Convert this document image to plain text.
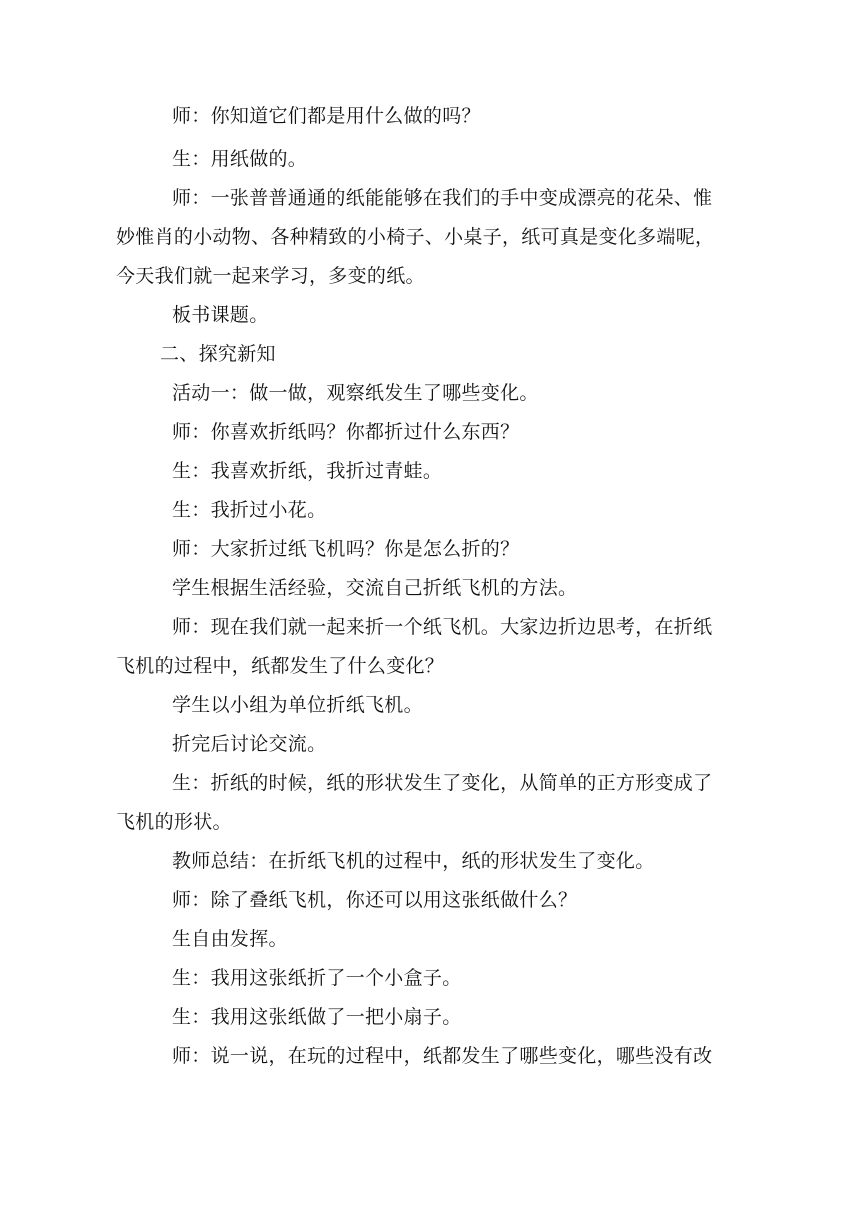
师：你知道它们都是用什么做的吗？
生：用纸做的。
师：一张普普通通的纸能能够在我们的手中变成漂亮的花朵、惟
妙惟肖的小动物、各种精致的小椅子、小桌子，纸可真是变化多端呢，
今天我们就一起来学习，多变的纸。
板书课题。
二、探究新知
活动一：做一做，观察纸发生了哪些变化。
师：你喜欢折纸吗？你都折过什么东西？
生：我喜欢折纸，我折过青蛙。
生：我折过小花。
师：大家折过纸飞机吗？你是怎么折的？
学生根据生活经验，交流自己折纸飞机的方法。
师：现在我们就一起来折一个纸飞机。大家边折边思考，在折纸
飞机的过程中，纸都发生了什么变化？
学生以小组为单位折纸飞机。
折完后讨论交流。
生：折纸的时候，纸的形状发生了变化，从简单的正方形变成了
飞机的形状。
教师总结：在折纸飞机的过程中，纸的形状发生了变化。
师：除了叠纸飞机，你还可以用这张纸做什么？
生自由发挥。
生：我用这张纸折了一个小盒子。
生：我用这张纸做了一把小扇子。
师：说一说，在玩的过程中，纸都发生了哪些变化，哪些没有改
